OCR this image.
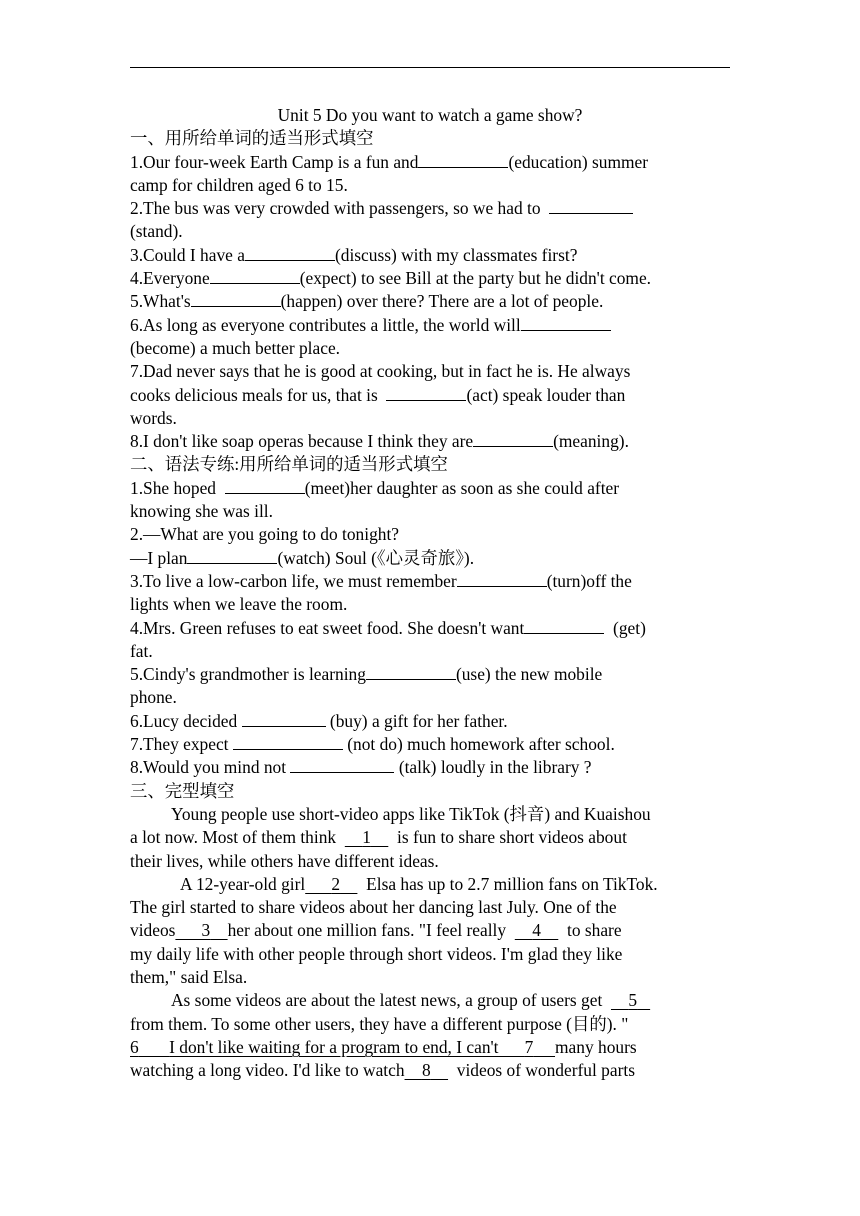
Unit 5 Do you want to watch a game show?
一、用所给单词的适当形式填空
1.Our four-week Earth Camp is a fun and	(education) summer
camp for children aged 6 to 15.
2.The bus was very crowded with passengers, so we had to
(stand).
3.Could I have a	(discuss) with my classmates first?
4.Everyone	(expect) to see Bill at the party but he didn't come.
5.What's	(happen) over there? There are a lot of people.
6.As long as everyone contributes a little, the world will
(become) a much better place.
7.Dad never says that he is good at cooking, but in fact he is. He always
cooks delicious meals for us, that is	(act) speak louder than
words.
8.I don't like soap operas because I think they are	(meaning).
二、语法专练:用所给单词的适当形式填空
1.She hoped	(meet)her daughter as soon as she could after
knowing she was ill.
2.—What are you going to do tonight?
—I plan	(watch) Soul (《心灵奇旅》).
3.To live a low-carbon life, we must remember	(turn)off the
lights when we leave the room.
4.Mrs. Green refuses to eat sweet food. She doesn't want	(get)
fat.
5.Cindy's grandmother is learning	(use) the new mobile
phone.
6.Lucy decided	(buy) a gift for her father.
7.They expect	(not do) much homework after school.
8.Would you mind not	(talk) loudly in the library ?
三、完型填空
Young people use short-video apps like TikTok (抖音) and Kuaishou
a lot now. Most of them think 1 is fun to share short videos about
their lives, while others have different ideas.
A 12-year-old girl 2 Elsa has up to 2.7 million fans on TikTok.
The girl started to share videos about her dancing last July. One of the
videos 3 her about one million fans. "I feel really 4 to share
my daily life with other people through short videos. I'm glad they like
them," said Elsa.
As some videos are about the latest news, a group of users get 5
from them. To some other users, they have a different purpose (目的). "
6 I don't like waiting for a program to end, I can't 7 many hours
watching a long video. I'd like to watch 8 videos of wonderful parts
